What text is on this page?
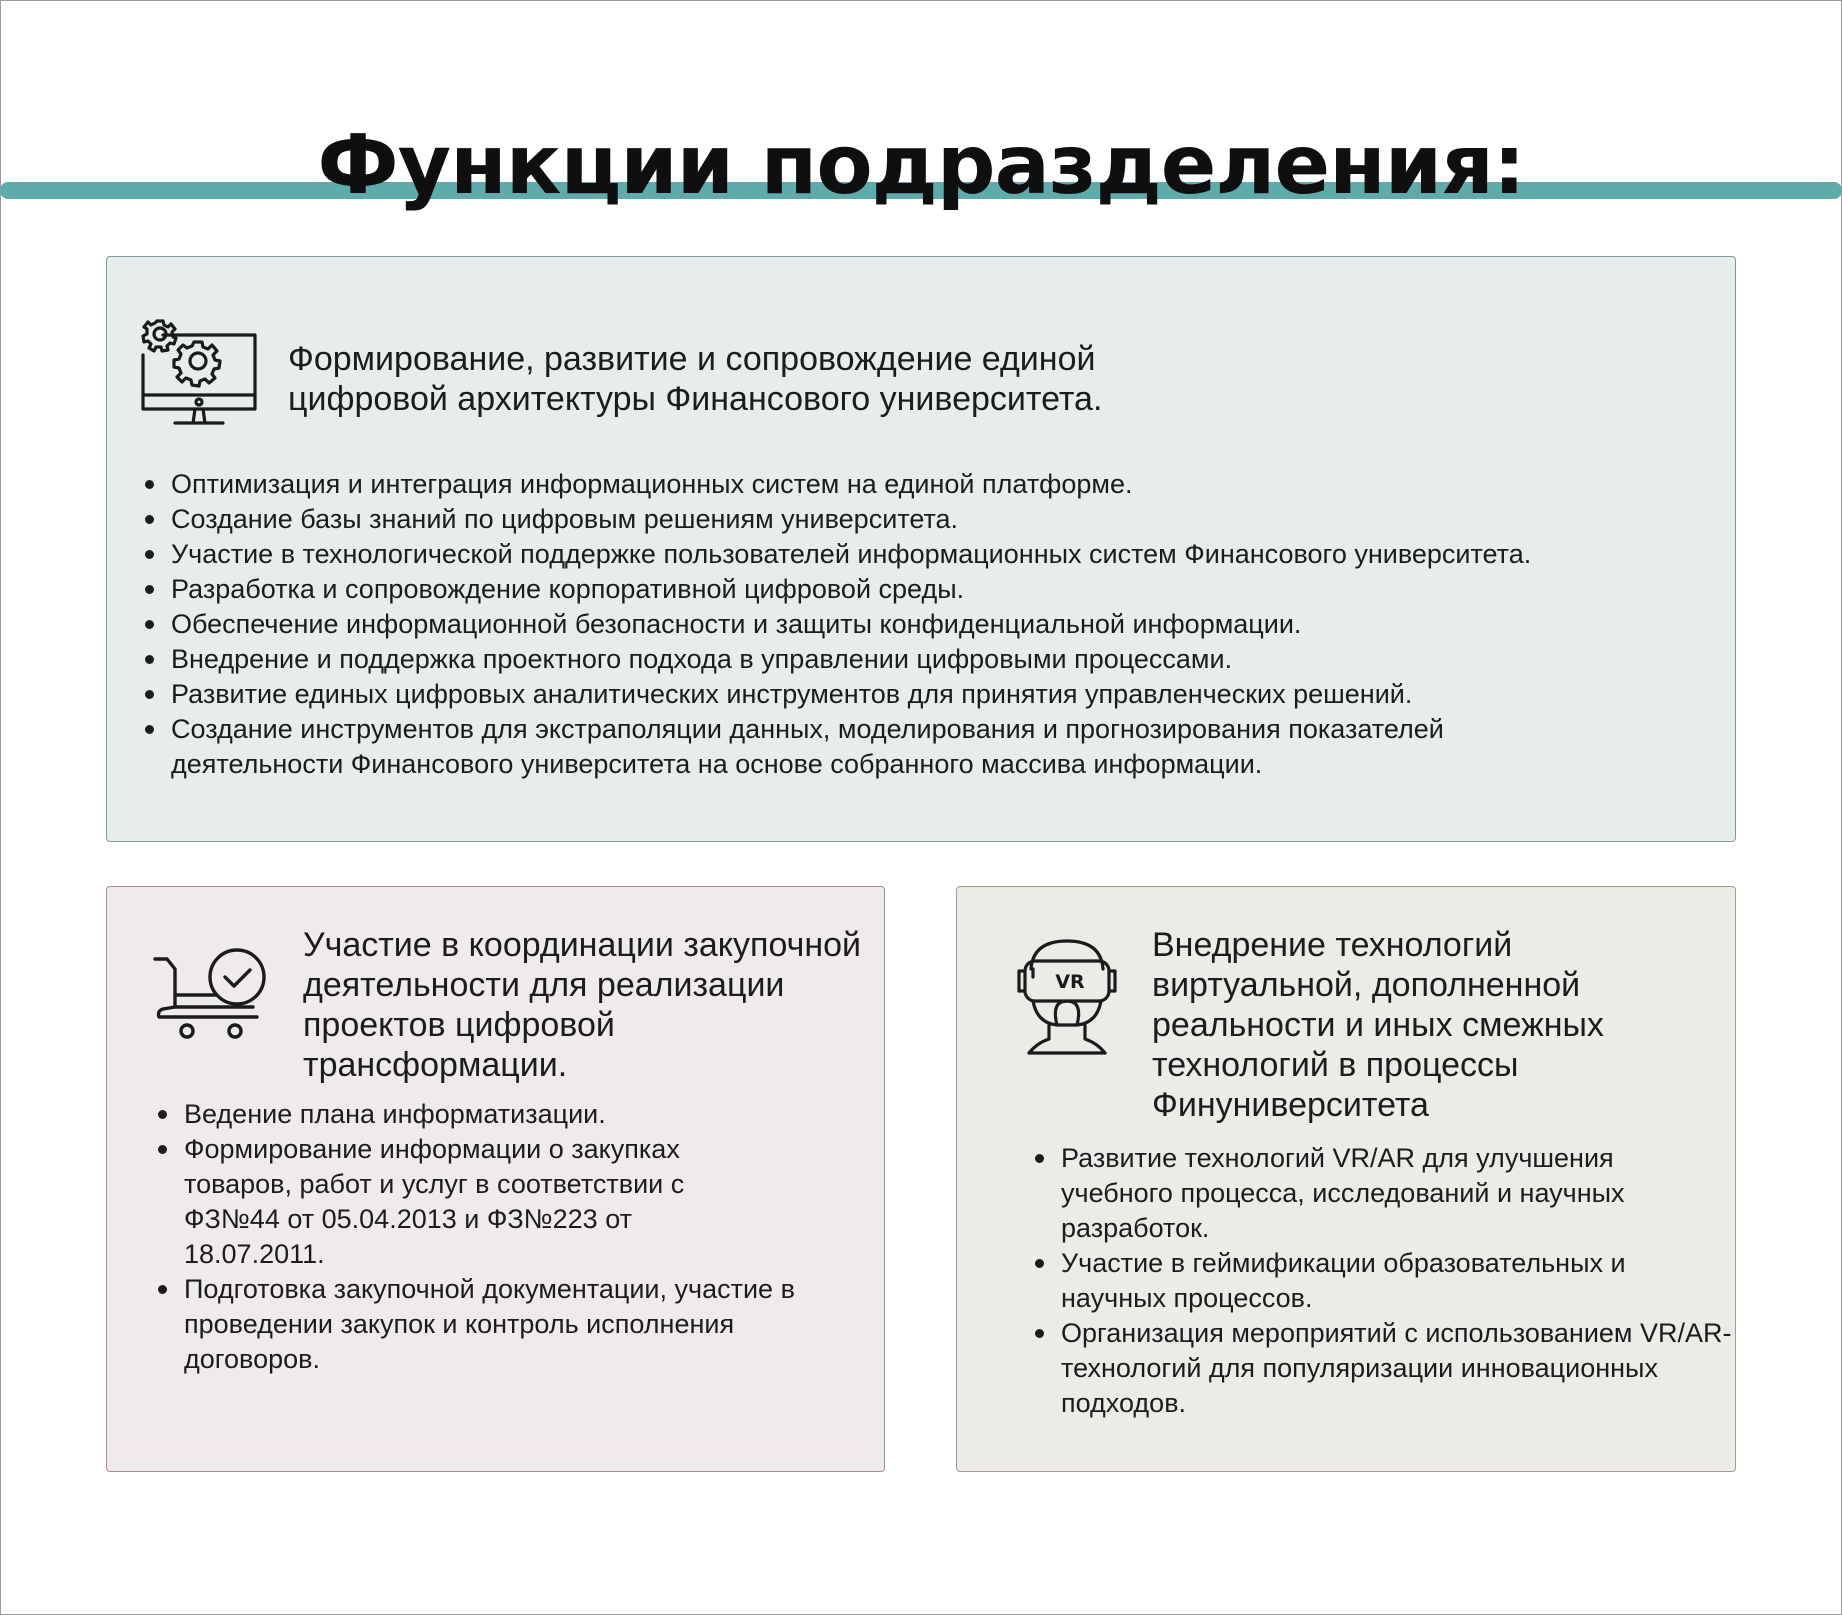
Функции подразделения:
Формирование, развитие и сопровождение единой
цифровой архитектуры Финансового университета.
Оптимизация и интеграция информационных систем на единой платформе.
Создание базы знаний по цифровым решениям университета.
Участие в технологической поддержке пользователей информационных систем Финансового университета.
Разработка и сопровождение корпоративной цифровой среды.
Обеспечение информационной безопасности и защиты конфиденциальной информации.
Внедрение и поддержка проектного подхода в управлении цифровыми процессами.
Развитие единых цифровых аналитических инструментов для принятия управленческих решений.
Создание инструментов для экстраполяции данных, моделирования и прогнозирования показателей деятельности Финансового университета на основе собранного массива информации.
Участие в координации закупочной деятельности для реализации проектов цифровой трансформации.
Ведение плана информатизации.
Формирование информации о закупках товаров, работ и услуг в соответствии с ФЗ№44 от 05.04.2013 и ФЗ№223 от 18.07.2011.
Подготовка закупочной документации, участие в проведении закупок и контроль исполнения договоров.
VR
Внедрение технологий виртуальной, дополненной реальности и иных смежных технологий в процессы Финуниверситета
Развитие технологий VR/AR для улучшения учебного процесса, исследований и научных разработок.
Участие в геймификации образовательных и научных процессов.
Организация мероприятий с использованием VR/AR-технологий для популяризации инновационных подходов.
